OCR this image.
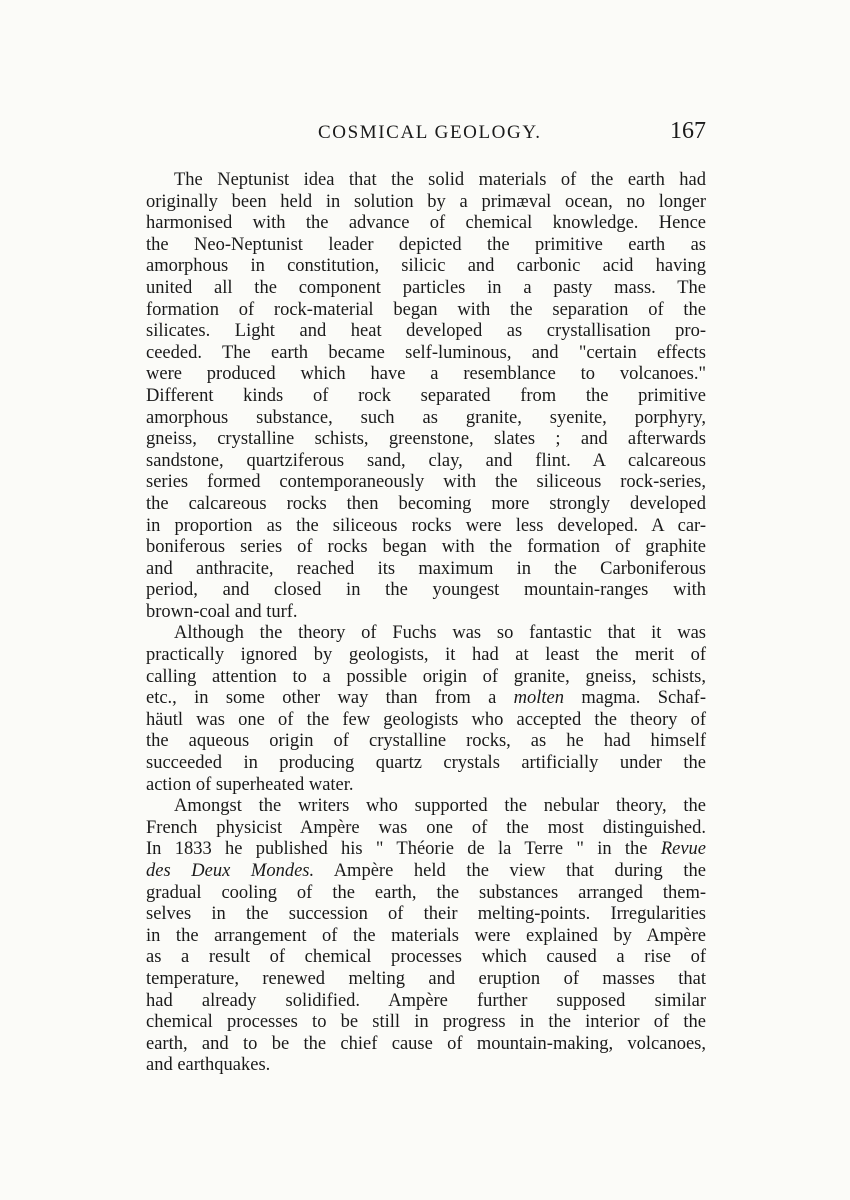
COSMICAL GEOLOGY.	167
The Neptunist idea that the solid materials of the earth had
originally been held in solution by a primæval ocean, no longer
harmonised with the advance of chemical knowledge. Hence
the Neo-Neptunist leader depicted the primitive earth as
amorphous in constitution, silicic and carbonic acid having
united all the component particles in a pasty mass. The
formation of rock-material began with the separation of the
silicates. Light and heat developed as crystallisation pro-
ceeded. The earth became self-luminous, and "certain effects
were produced which have a resemblance to volcanoes."
Different kinds of rock separated from the primitive
amorphous substance, such as granite, syenite, porphyry,
gneiss, crystalline schists, greenstone, slates ; and afterwards
sandstone, quartziferous sand, clay, and flint. A calcareous
series formed contemporaneously with the siliceous rock-series,
the calcareous rocks then becoming more strongly developed
in proportion as the siliceous rocks were less developed. A car-
boniferous series of rocks began with the formation of graphite
and anthracite, reached its maximum in the Carboniferous
period, and closed in the youngest mountain-ranges with
brown-coal and turf.
Although the theory of Fuchs was so fantastic that it was
practically ignored by geologists, it had at least the merit of
calling attention to a possible origin of granite, gneiss, schists,
etc., in some other way than from a molten magma. Schaf-
häutl was one of the few geologists who accepted the theory of
the aqueous origin of crystalline rocks, as he had himself
succeeded in producing quartz crystals artificially under the
action of superheated water.
Amongst the writers who supported the nebular theory, the
French physicist Ampère was one of the most distinguished.
In 1833 he published his " Théorie de la Terre " in the Revue
des Deux Mondes. Ampère held the view that during the
gradual cooling of the earth, the substances arranged them-
selves in the succession of their melting-points. Irregularities
in the arrangement of the materials were explained by Ampère
as a result of chemical processes which caused a rise of
temperature, renewed melting and eruption of masses that
had already solidified. Ampère further supposed similar
chemical processes to be still in progress in the interior of the
earth, and to be the chief cause of mountain-making, volcanoes,
and earthquakes.
